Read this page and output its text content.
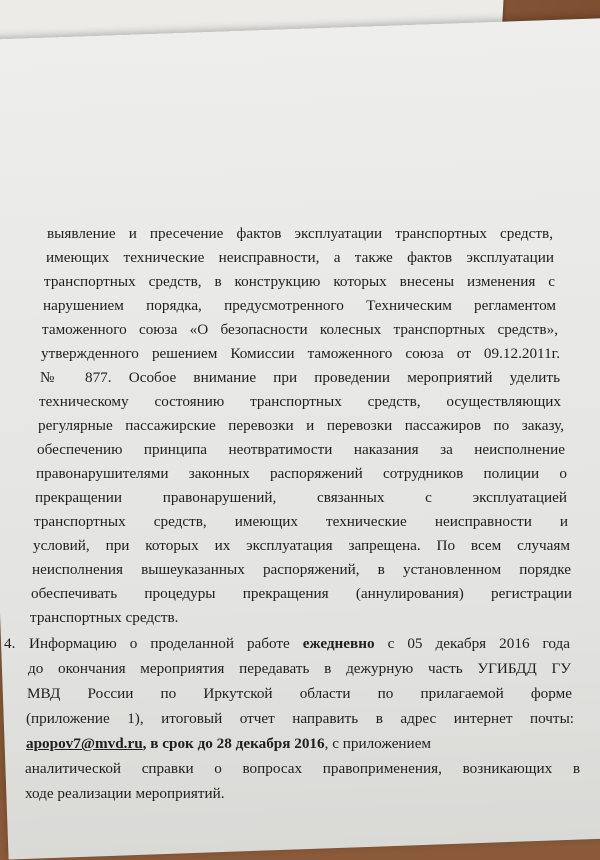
выявление и пресечение фактов эксплуатации транспортных средств,
имеющих технические неисправности, а также фактов эксплуатации
транспортных средств, в конструкцию которых внесены изменения с
нарушением порядка, предусмотренного Техническим регламентом
таможенного союза «О безопасности колесных транспортных средств»,
утвержденного решением Комиссии таможенного союза от 09.12.2011г.
№ 877. Особое внимание при проведении мероприятий уделить
техническому состоянию транспортных средств, осуществляющих
регулярные пассажирские перевозки и перевозки пассажиров по заказу,
обеспечению принципа неотвратимости наказания за неисполнение
правонарушителями законных распоряжений сотрудников полиции о
прекращении правонарушений, связанных с эксплуатацией
транспортных средств, имеющих технические неисправности и
условий, при которых их эксплуатация запрещена. По всем случаям
неисполнения вышеуказанных распоряжений, в установленном порядке
обеспечивать процедуры прекращения (аннулирования) регистрации
транспортных средств.
4. Информацию о проделанной работе ежедневно с 05 декабря 2016 года
до окончания мероприятия передавать в дежурную часть УГИБДД ГУ
МВД России по Иркутской области по прилагаемой форме
(приложение 1), итоговый отчет направить в адрес интернет почты:
apopov7@mvd.ru, в срок до 28 декабря 2016, с приложением
аналитической справки о вопросах правоприменения, возникающих в
ходе реализации мероприятий.
